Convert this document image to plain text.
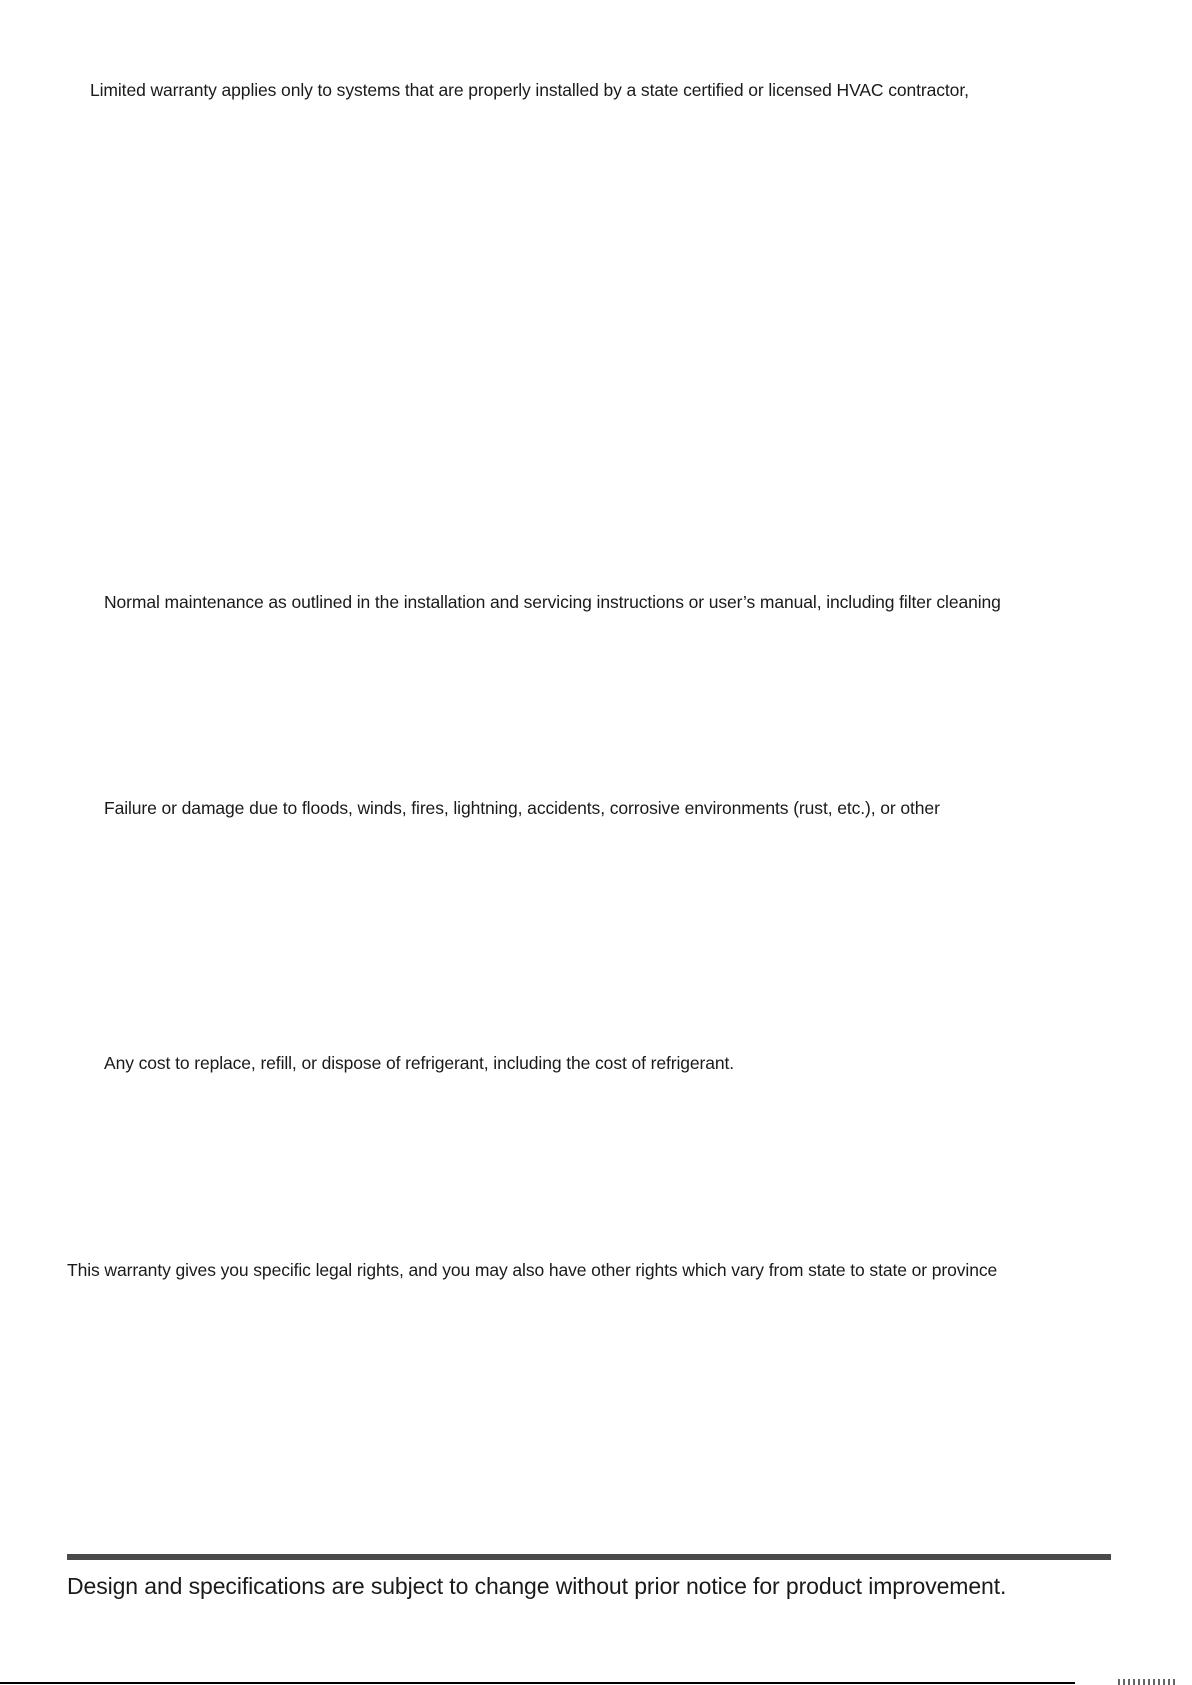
Limited warranty applies only to systems that are properly installed by a state certified or licensed HVAC contractor,
Normal maintenance as outlined in the installation and servicing instructions or user’s manual, including filter cleaning
Failure or damage due to floods, winds, fires, lightning, accidents, corrosive environments (rust, etc.), or other
Any cost to replace, refill, or dispose of refrigerant, including the cost of refrigerant.
This warranty gives you specific legal rights, and you may also have other rights which vary from state to state or province
Design and specifications are subject to change without prior notice for product improvement.
